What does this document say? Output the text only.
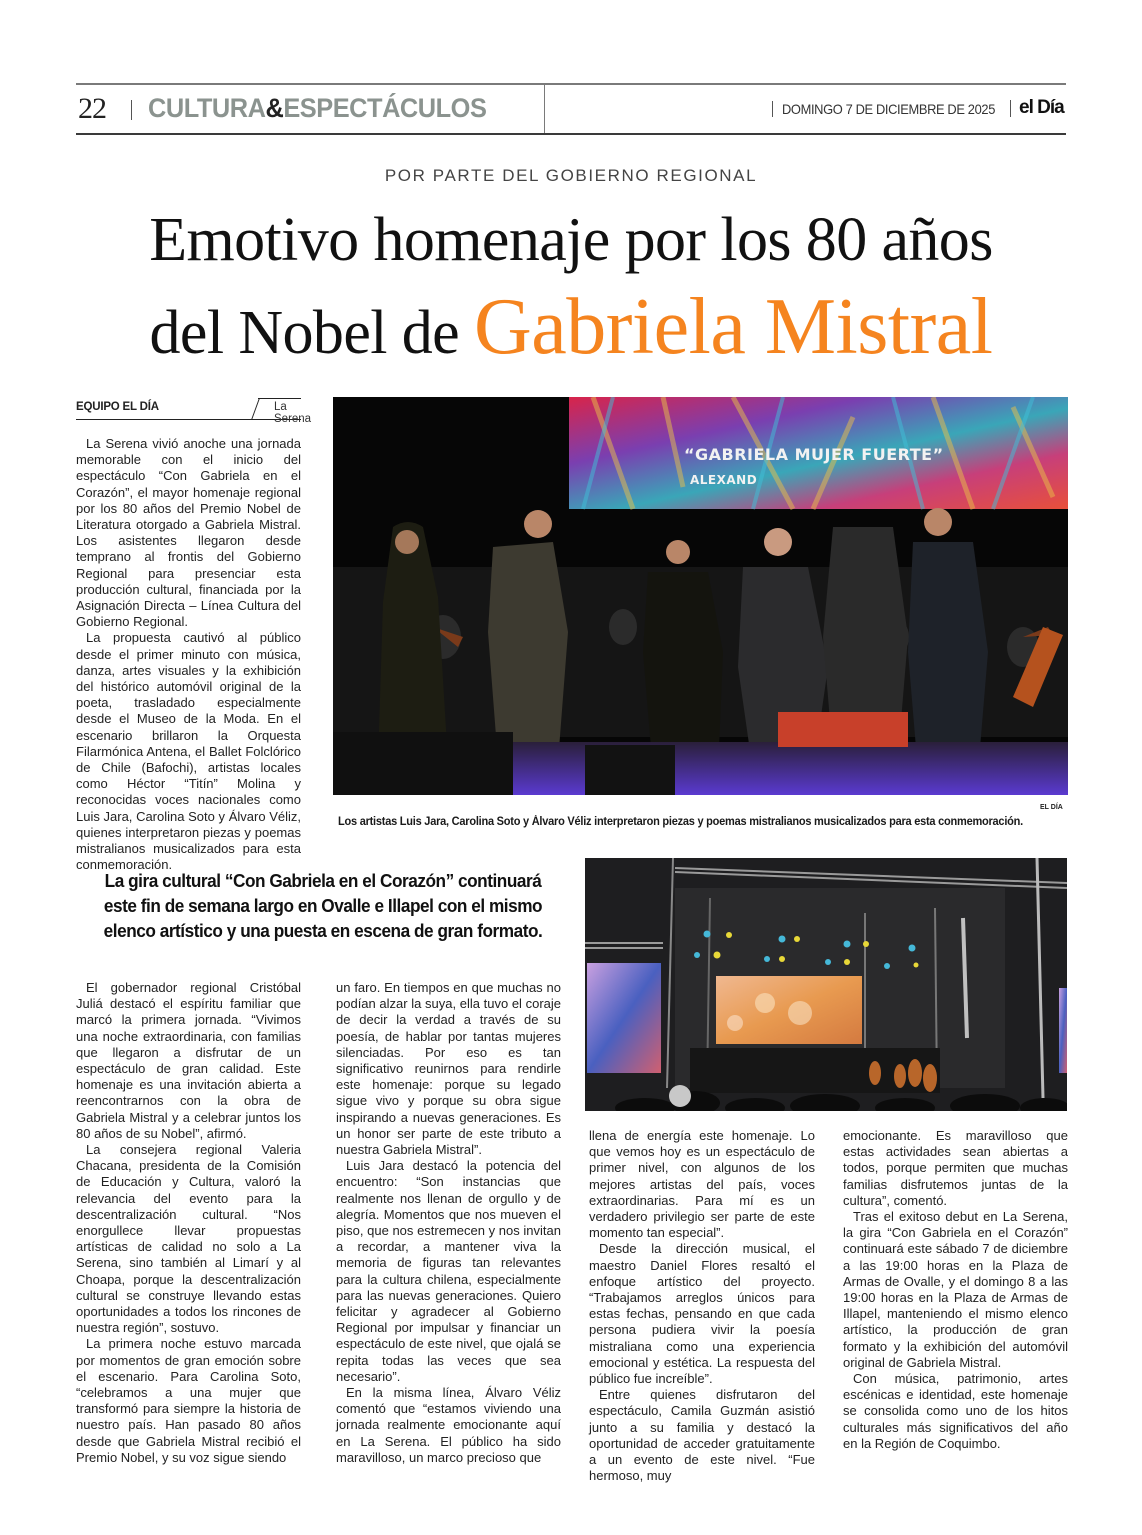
22 CULTURA&ESPECTÁCULOS	DOMINGO 7 DE DICIEMBRE DE 2025 el Día
POR PARTE DEL GOBIERNO REGIONAL
Emotivo homenaje por los 80 años
del Nobel de Gabriela Mistral
EQUIPO EL DÍA	La Serena

La Serena vivió anoche una jornada memorable con el inicio del espectáculo “Con Gabriela en el Corazón”, el mayor homenaje regional por los 80 años del Premio Nobel de Literatura otorgado a Gabriela Mistral. Los asistentes llegaron desde temprano al frontis del Gobierno Regional para presenciar esta producción cultural, financiada por la Asignación Directa – Línea Cultura del Gobierno Regional.

La propuesta cautivó al público desde el primer minuto con música, danza, artes visuales y la exhibición del histórico automóvil original de la poeta, trasladado especialmente desde el Museo de la Moda. En el escenario brillaron la Orquesta Filarmónica Antena, el Ballet Folclórico de Chile (Bafochi), artistas locales como Héctor “Titín” Molina y reconocidas voces nacionales como Luis Jara, Carolina Soto y Álvaro Véliz, quienes interpretaron piezas y poemas mistralianos musicalizados para esta conmemoración.

“GABRIELA MUJER FUERTE”
ALEXAND
EL DÍA
Los artistas Luis Jara, Carolina Soto y Álvaro Véliz interpretaron piezas y poemas mistralianos musicalizados para esta conmemoración.
La gira cultural “Con Gabriela en el Corazón” continuará este fin de semana largo en Ovalle e Illapel con el mismo elenco artístico y una puesta en escena de gran formato.

El gobernador regional Cristóbal Juliá destacó el espíritu familiar que marcó la primera jornada. “Vivimos una noche extraordinaria, con familias que llegaron a disfrutar de un espectáculo de gran calidad. Este homenaje es una invitación abierta a reencontrarnos con la obra de Gabriela Mistral y a celebrar juntos los 80 años de su Nobel”, afirmó.

La consejera regional Valeria Chacana, presidenta de la Comisión de Educación y Cultura, valoró la relevancia del evento para la descentralización cultural. “Nos enorgullece llevar propuestas artísticas de calidad no solo a La Serena, sino también al Limarí y al Choapa, porque la descentralización cultural se construye llevando estas oportunidades a todos los rincones de nuestra región”, sostuvo.

La primera noche estuvo marcada por momentos de gran emoción sobre el escenario. Para Carolina Soto, “celebramos a una mujer que transformó para siempre la historia de nuestro país. Han pasado 80 años desde que Gabriela Mistral recibió el Premio Nobel, y su voz sigue siendo

un faro. En tiempos en que muchas no podían alzar la suya, ella tuvo el coraje de decir la verdad a través de su poesía, de hablar por tantas mujeres silenciadas. Por eso es tan significativo reunirnos para rendirle este homenaje: porque su legado sigue vivo y porque su obra sigue inspirando a nuevas generaciones. Es un honor ser parte de este tributo a nuestra Gabriela Mistral”.

Luis Jara destacó la potencia del encuentro: “Son instancias que realmente nos llenan de orgullo y de alegría. Momentos que nos mueven el piso, que nos estremecen y nos invitan a recordar, a mantener viva la memoria de figuras tan relevantes para la cultura chilena, especialmente para las nuevas generaciones. Quiero felicitar y agradecer al Gobierno Regional por impulsar y financiar un espectáculo de este nivel, que ojalá se repita todas las veces que sea necesario”.

En la misma línea, Álvaro Véliz comentó que “estamos viviendo una jornada realmente emocionante aquí en La Serena. El público ha sido maravilloso, un marco precioso que

llena de energía este homenaje. Lo que vemos hoy es un espectáculo de primer nivel, con algunos de los mejores artistas del país, voces extraordinarias. Para mí es un verdadero privilegio ser parte de este momento tan especial”.

Desde la dirección musical, el maestro Daniel Flores resaltó el enfoque artístico del proyecto. “Trabajamos arreglos únicos para estas fechas, pensando en que cada persona pudiera vivir la poesía mistraliana como una experiencia emocional y estética. La respuesta del público fue increíble”.

Entre quienes disfrutaron del espectáculo, Camila Guzmán asistió junto a su familia y destacó la oportunidad de acceder gratuitamente a un evento de este nivel. “Fue hermoso, muy

emocionante. Es maravilloso que estas actividades sean abiertas a todos, porque permiten que muchas familias disfrutemos juntas de la cultura”, comentó.

Tras el exitoso debut en La Serena, la gira “Con Gabriela en el Corazón” continuará este sábado 7 de diciembre a las 19:00 horas en la Plaza de Armas de Ovalle, y el domingo 8 a las 19:00 horas en la Plaza de Armas de Illapel, manteniendo el mismo elenco artístico, la producción de gran formato y la exhibición del automóvil original de Gabriela Mistral.

Con música, patrimonio, artes escénicas e identidad, este homenaje se consolida como uno de los hitos culturales más significativos del año en la Región de Coquimbo.
